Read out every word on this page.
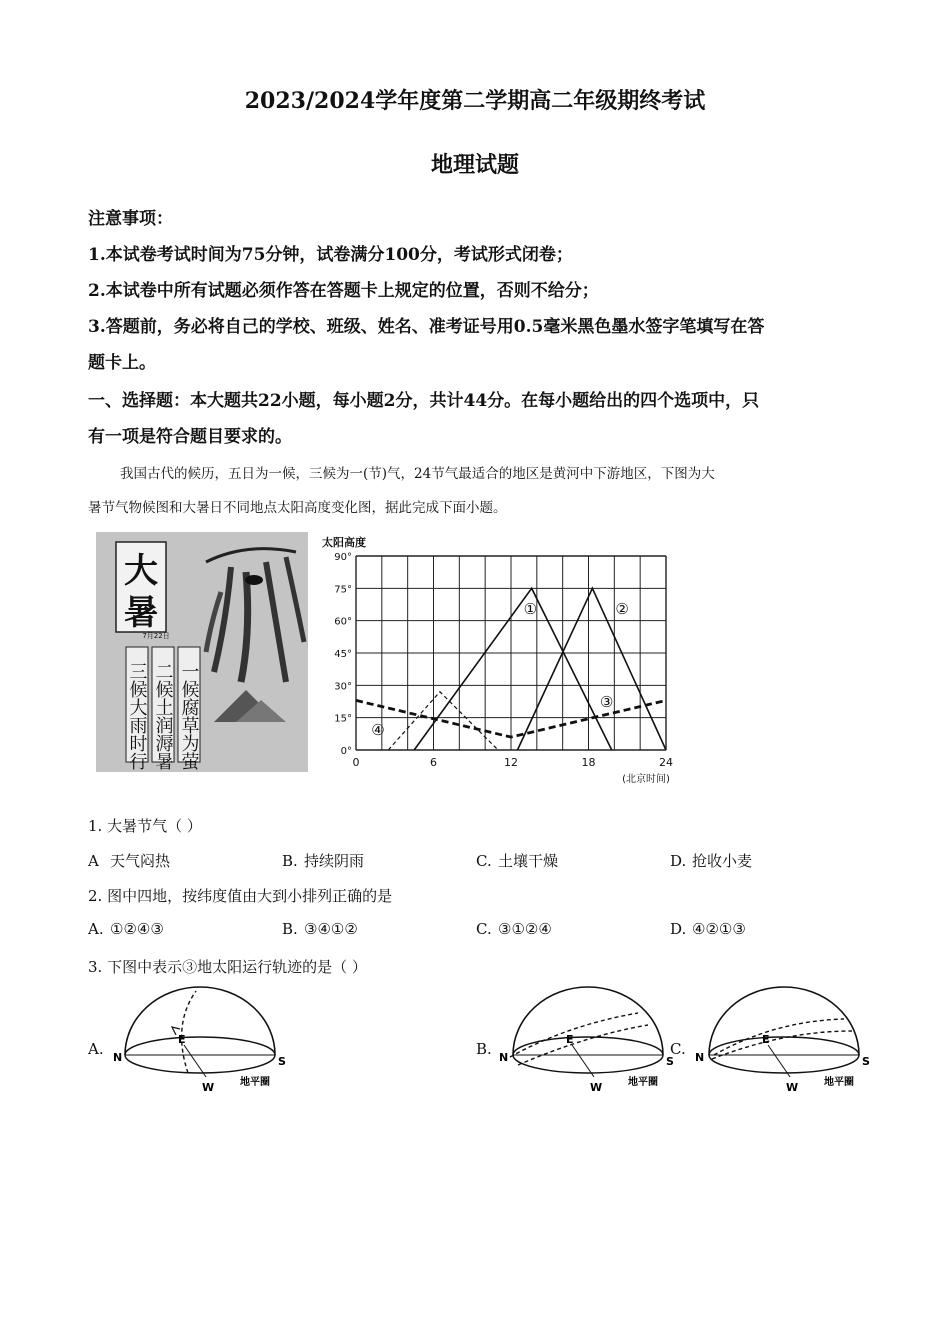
2023/2024学年度第二学期高二年级期终考试
地理试题
注意事项：
1.本试卷考试时间为75分钟，试卷满分100分，考试形式闭卷；
2.本试卷中所有试题必须作答在答题卡上规定的位置，否则不给分；
3.答题前，务必将自己的学校、班级、姓名、准考证号用0.5毫米黑色墨水签字笔填写在答
题卡上。
一、选择题：本大题共22小题，每小题2分，共计44分。在每小题给出的四个选项中，只
有一项是符合题目要求的。
我国古代的候历，五日为一候，三候为一(节)气，24节气最适合的地区是黄河中下游地区，下图为大
暑节气物候图和大暑日不同地点太阳高度变化图，据此完成下面小题。
大
暑
7月22日
三候大雨时行 二候土润溽暑 一候腐草为萤
太阳高度
0°
15°
30°
45°
60°
75°
90°
0	6	12	18	24
(北京时间)
①	②
③
④
1. 大暑节气（ ）
A 天气闷热	B. 持续阴雨	C. 土壤干燥	D. 抢收小麦
2. 图中四地，按纬度值由大到小排列正确的是
A. ①②④③	B. ③④①②	C. ③①②④	D. ④②①③
3. 下图中表示③地太阳运行轨迹的是（ ）
A.	B.	C.
N	S
E
W	地平圈
N	S
E
W	地平圈
N	S
E
W	地平圈
